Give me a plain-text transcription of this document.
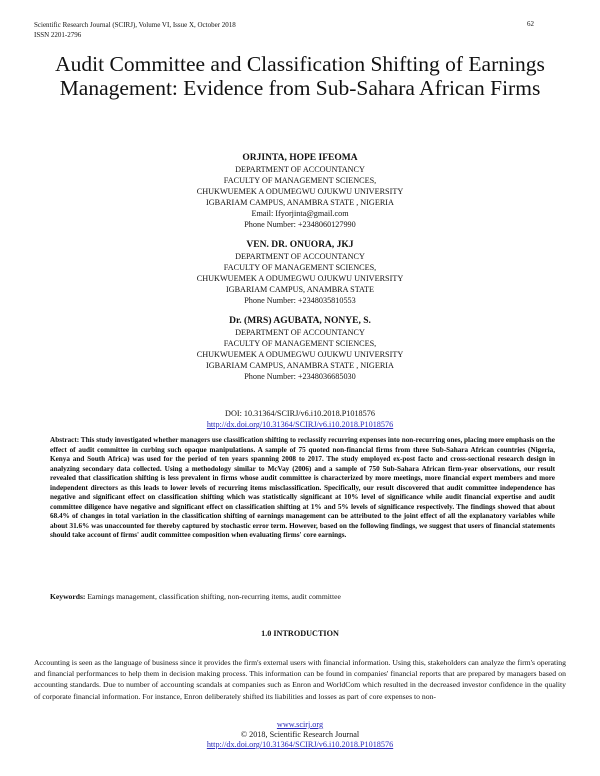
Scientific Research Journal (SCIRJ), Volume VI, Issue X, October 2018
ISSN 2201-2796
62
Audit Committee and Classification Shifting of Earnings Management: Evidence from Sub-Sahara African Firms
ORJINTA, HOPE IFEOMA
DEPARTMENT OF ACCOUNTANCY
FACULTY OF MANAGEMENT SCIENCES,
CHUKWUEMEK A ODUMEGWU OJUKWU UNIVERSITY
IGBARIAM CAMPUS, ANAMBRA STATE , NIGERIA
Email: Ifyorjinta@gmail.com
Phone Number: +2348060127990
VEN. DR. ONUORA, JKJ
DEPARTMENT OF ACCOUNTANCY
FACULTY OF MANAGEMENT SCIENCES,
CHUKWUEMEK A ODUMEGWU OJUKWU UNIVERSITY
IGBARIAM CAMPUS, ANAMBRA STATE
Phone Number: +2348035810553
Dr. (MRS) AGUBATA, NONYE, S.
DEPARTMENT OF ACCOUNTANCY
FACULTY OF MANAGEMENT SCIENCES,
CHUKWUEMEK A ODUMEGWU OJUKWU UNIVERSITY
IGBARIAM CAMPUS, ANAMBRA STATE , NIGERIA
Phone Number: +2348036685030
DOI: 10.31364/SCIRJ/v6.i10.2018.P1018576
http://dx.doi.org/10.31364/SCIRJ/v6.i10.2018.P1018576
Abstract: This study investigated whether managers use classification shifting to reclassify recurring expenses into non-recurring ones, placing more emphasis on the effect of audit committee in curbing such opaque manipulations. A sample of 75 quoted non-financial firms from three Sub-Sahara African countries (Nigeria, Kenya and South Africa) was used for the period of ten years spanning 2008 to 2017. The study employed ex-post facto and cross-sectional research design in analyzing secondary data collected. Using a methodology similar to McVay (2006) and a sample of 750 Sub-Sahara African firm-year observations, our result revealed that classification shifting is less prevalent in firms whose audit committee is characterized by more meetings, more financial expert members and more independent directors as this leads to lower levels of recurring items misclassification. Specifically, our result discovered that audit committee independence has negative and significant effect on classification shifting which was statistically significant at 10% level of significance while audit financial expertise and audit committee diligence have negative and significant effect on classification shifting at 1% and 5% levels of significance respectively. The findings showed that about 68.4% of changes in total variation in the classification shifting of earnings management can be attributed to the joint effect of all the explanatory variables while about 31.6% was unaccounted for thereby captured by stochastic error term. However, based on the following findings, we suggest that users of financial statements should take account of firms' audit committee composition when evaluating firms' core earnings.
Keywords: Earnings management, classification shifting, non-recurring items, audit committee
1.0 INTRODUCTION
Accounting is seen as the language of business since it provides the firm's external users with financial information. Using this, stakeholders can analyze the firm's operating and financial performances to help them in decision making process. This information can be found in companies' financial reports that are prepared by managers based on accounting standards. Due to number of accounting scandals at companies such as Enron and WorldCom which resulted in the decreased investor confidence in the quality of corporate financial information. For instance, Enron deliberately shifted its liabilities and losses as part of core expenses to non-
www.scirj.org
© 2018, Scientific Research Journal
http://dx.doi.org/10.31364/SCIRJ/v6.i10.2018.P1018576
